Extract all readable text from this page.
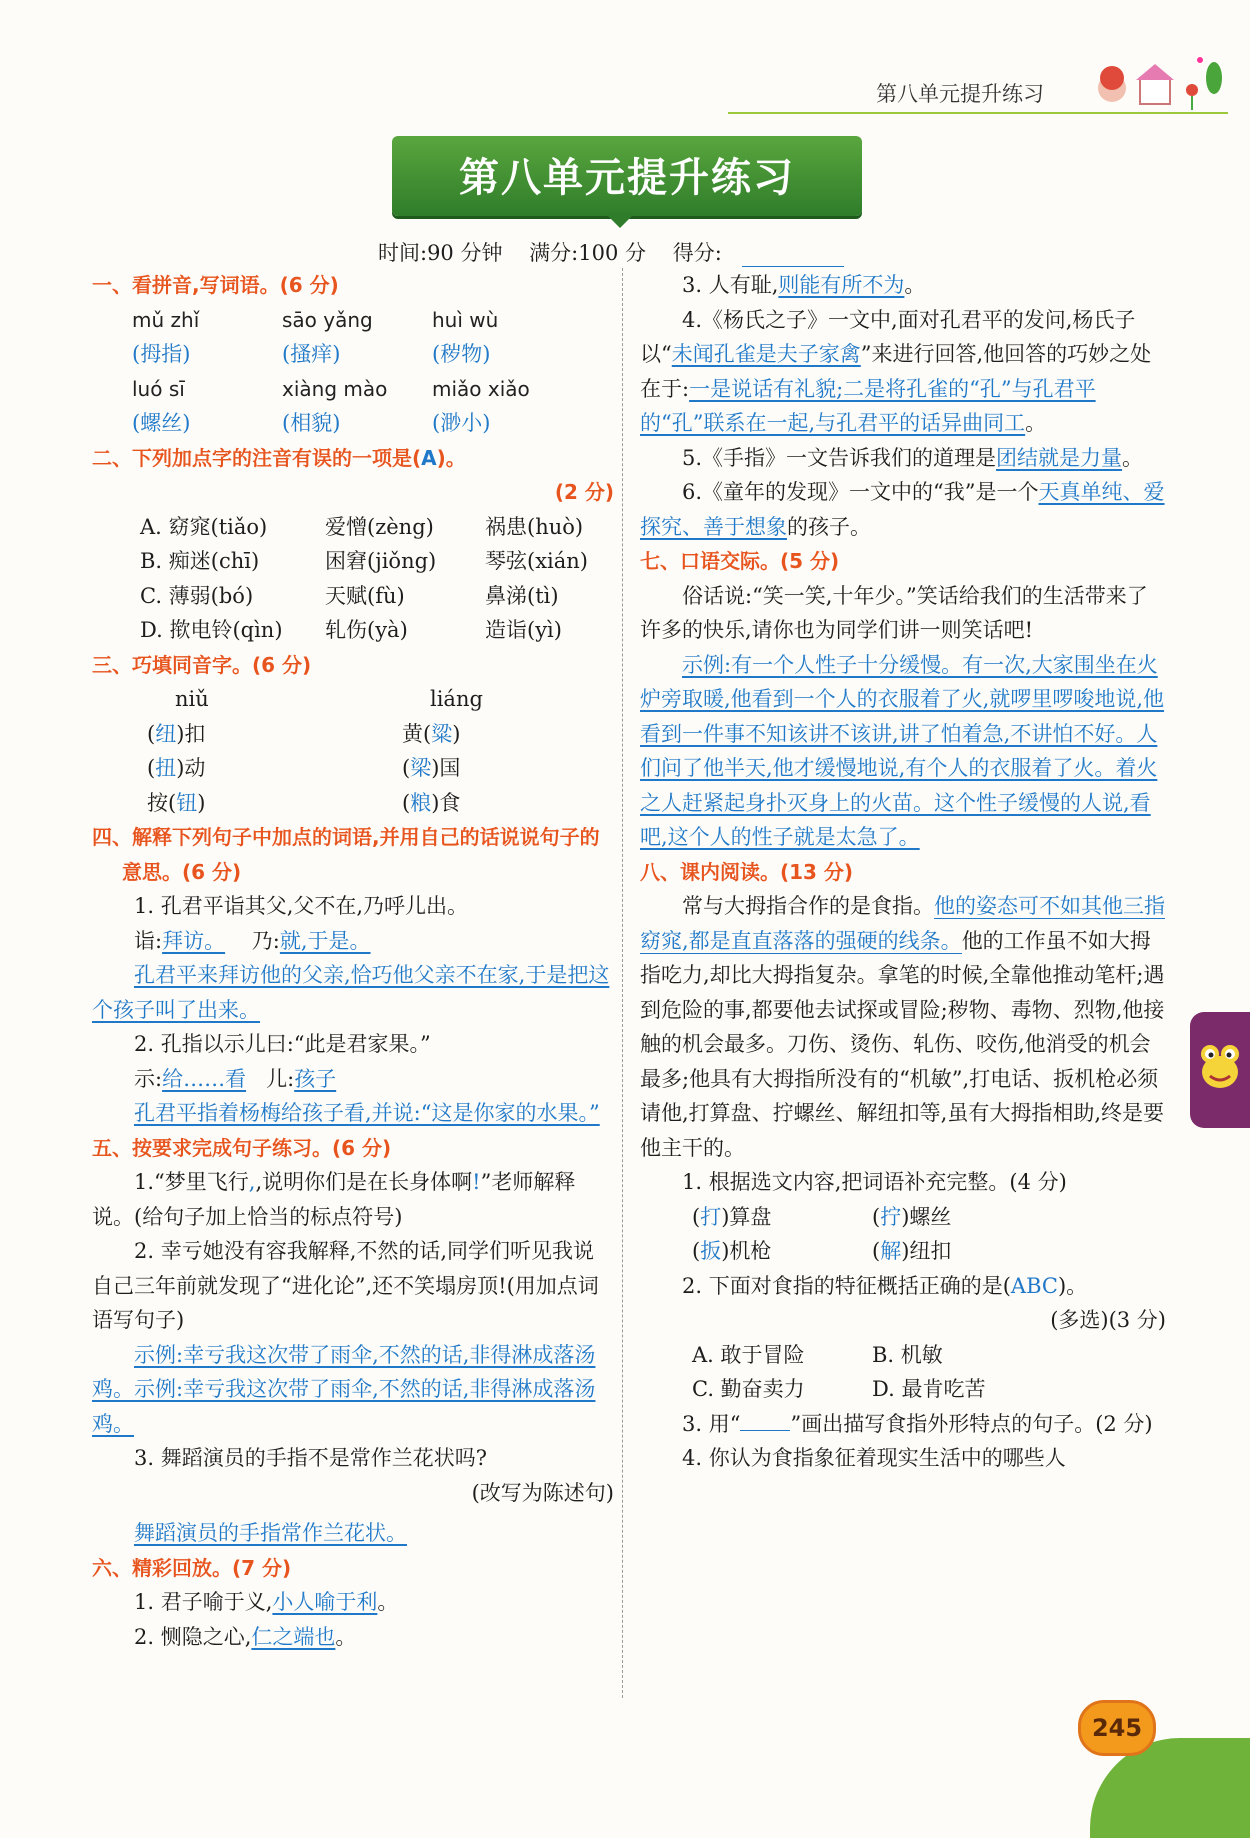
第八单元提升练习
第八单元提升练习
时间:90 分钟 满分:100 分 得分:

一、看拼音,写词语。(6 分)

mǔ zhǐ	sāo yǎng	huì wù
(拇指)	(搔痒)	(秽物)
luó sī	xiàng mào	miǎo xiǎo
(螺丝)	(相貌)	(渺小)

二、下列加点字的注音有误的一项是(A)。

(2 分)

A. 窈窕(tiǎo)	爱憎(zèng)	祸患(huò)
B. 痴迷(chī)	困窘(jiǒng)	琴弦(xián)
C. 薄弱(bó)	天赋(fù)	鼻涕(tì)
D. 揿电铃(qìn)	轧伤(yà)	造诣(yì)

三、巧填同音字。(6 分)

niǔ	liáng
(纽)扣	黄(粱)
(扭)动	(梁)国
按(钮)	(粮)食

四、解释下列句子中加点的词语,并用自己的话说说句子的意思。(6 分)

1. 孔君平诣其父,父不在,乃呼儿出。

诣:拜访。 乃:就,于是。

孔君平来拜访他的父亲,恰巧他父亲不在家,于是把这个孩子叫了出来。

2. 孔指以示儿曰:“此是君家果。”

示:给……看 儿:孩子

孔君平指着杨梅给孩子看,并说:“这是你家的水果。”

五、按要求完成句子练习。(6 分)

1.“梦里飞行,,说明你们是在长身体啊!”老师解释说。(给句子加上恰当的标点符号)

2. 幸亏她没有容我解释,不然的话,同学们听见我说自己三年前就发现了“进化论”,还不笑塌房顶!(用加点词语写句子)

示例:幸亏我这次带了雨伞,不然的话,非得淋成落汤鸡。示例:幸亏我这次带了雨伞,不然的话,非得淋成落汤鸡。

3. 舞蹈演员的手指不是常作兰花状吗?

(改写为陈述句)

舞蹈演员的手指常作兰花状。

六、精彩回放。(7 分)

1. 君子喻于义,小人喻于利。

2. 恻隐之心,仁之端也。

3. 人有耻,则能有所不为。

4.《杨氏之子》一文中,面对孔君平的发问,杨氏子以“未闻孔雀是夫子家禽”来进行回答,他回答的巧妙之处在于:一是说话有礼貌;二是将孔雀的“孔”与孔君平的“孔”联系在一起,与孔君平的话异曲同工。

5.《手指》一文告诉我们的道理是团结就是力量。

6.《童年的发现》一文中的“我”是一个天真单纯、爱探究、善于想象的孩子。

七、口语交际。(5 分)

俗话说:“笑一笑,十年少。”笑话给我们的生活带来了许多的快乐,请你也为同学们讲一则笑话吧!

示例:有一个人性子十分缓慢。有一次,大家围坐在火炉旁取暖,他看到一个人的衣服着了火,就啰里啰唆地说,他看到一件事不知该讲不该讲,讲了怕着急,不讲怕不好。人们问了他半天,他才缓慢地说,有个人的衣服着了火。着火之人赶紧起身扑灭身上的火苗。这个性子缓慢的人说,看吧,这个人的性子就是太急了。

八、课内阅读。(13 分)

常与大拇指合作的是食指。他的姿态可不如其他三指窈窕,都是直直落落的强硬的线条。他的工作虽不如大拇指吃力,却比大拇指复杂。拿笔的时候,全靠他推动笔杆;遇到危险的事,都要他去试探或冒险;秽物、毒物、烈物,他接触的机会最多。刀伤、烫伤、轧伤、咬伤,他消受的机会最多;他具有大拇指所没有的“机敏”,打电话、扳机枪必须请他,打算盘、拧螺丝、解纽扣等,虽有大拇指相助,终是要他主干的。

1. 根据选文内容,把词语补充完整。(4 分)

(打)算盘	(拧)螺丝
(扳)机枪	(解)纽扣

2. 下面对食指的特征概括正确的是(ABC)。

(多选)(3 分)

A. 敢于冒险	B. 机敏
C. 勤奋卖力	D. 最肯吃苦

3. 用“ ”画出描写食指外形特点的句子。(2 分)

4. 你认为食指象征着现实生活中的哪些人

245
